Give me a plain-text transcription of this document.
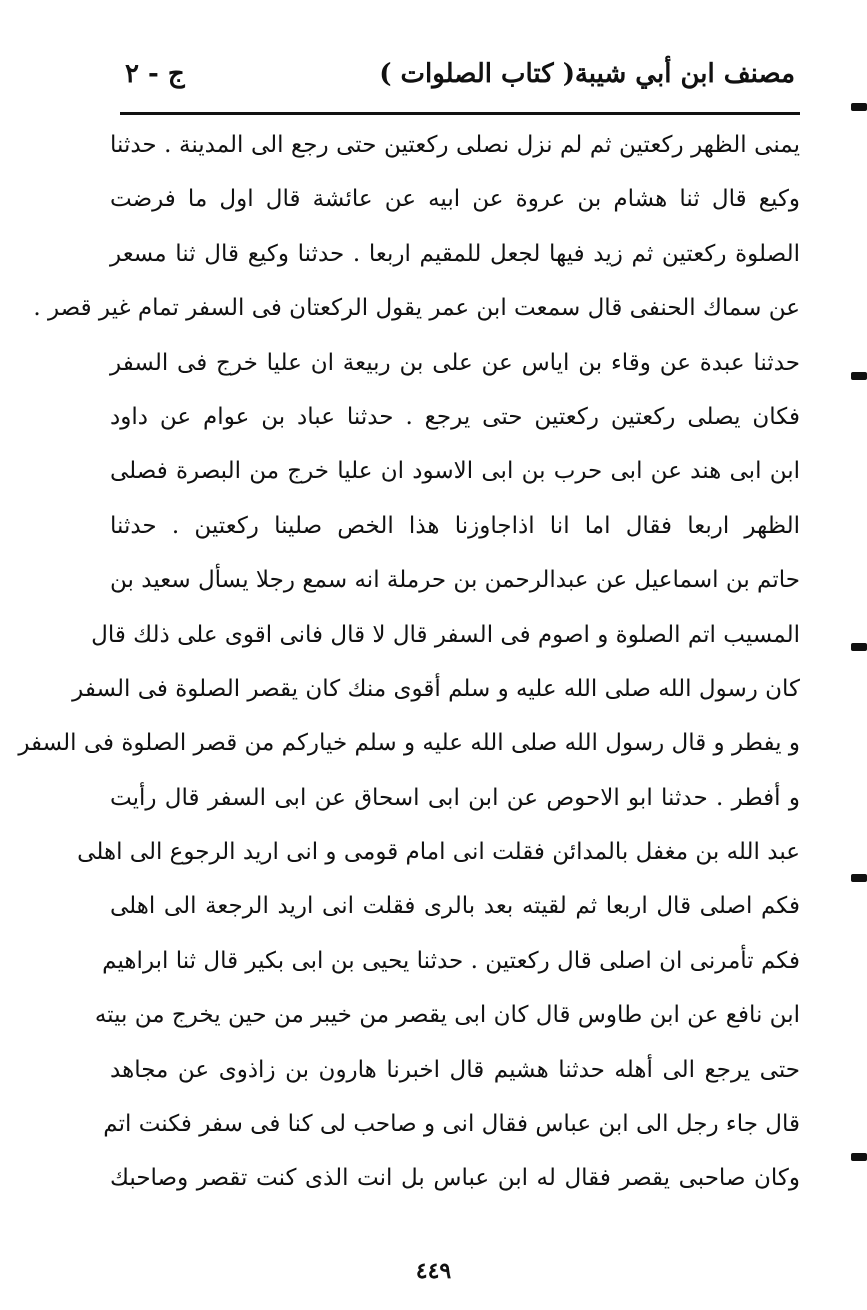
مصنف ابن أبي شيبة
( كتاب الصلوات )
ج - ٢
يمنى الظهر ركعتين ثم لم نزل نصلى ركعتين حتى رجع الى المدينة . حدثنا
وكيع قال ثنا هشام بن عروة عن ابيه عن عائشة قال اول ما فرضت
الصلوة ركعتين ثم زيد فيها لجعل للمقيم اربعا . حدثنا وكيع قال ثنا مسعر
عن سماك الحنفى قال سمعت ابن عمر يقول الركعتان فى السفر تمام غير قصر .
حدثنا عبدة عن وقاء بن اياس عن على بن ربيعة ان عليا خرج فى السفر
فكان يصلى ركعتين ركعتين حتى يرجع . حدثنا عباد بن عوام عن داود
ابن ابى هند عن ابى حرب بن ابى الاسود ان عليا خرج من البصرة فصلى
الظهر اربعا فقال اما انا اذاجاوزنا هذا الخص صلينا ركعتين . حدثنا
حاتم بن اسماعيل عن عبدالرحمن بن حرملة انه سمع رجلا يسأل سعيد بن
المسيب اتم الصلوة و اصوم فى السفر قال لا قال فانى اقوى على ذلك قال
كان رسول الله صلى الله عليه و سلم أقوى منك كان يقصر الصلوة فى السفر
و يفطر و قال رسول الله صلى الله عليه و سلم خياركم من قصر الصلوة فى السفر
و أفطر . حدثنا ابو الاحوص عن ابن ابى اسحاق عن ابى السفر قال رأيت
عبد الله بن مغفل بالمدائن فقلت انى امام قومى و انى اريد الرجوع الى اهلى
فكم اصلى قال اربعا ثم لقيته بعد بالرى فقلت انى اريد الرجعة الى اهلى
فكم تأمرنى ان اصلى قال ركعتين . حدثنا يحيى بن ابى بكير قال ثنا ابراهيم
ابن نافع عن ابن طاوس قال كان ابى يقصر من خيبر من حين يخرج من بيته
حتى يرجع الى أهله حدثنا هشيم قال اخبرنا هارون بن زاذوى عن مجاهد
قال جاء رجل الى ابن عباس فقال انى و صاحب لى كنا فى سفر فكنت اتم
وكان صاحبى يقصر فقال له ابن عباس بل انت الذى كنت تقصر وصاحبك
٤٤٩
